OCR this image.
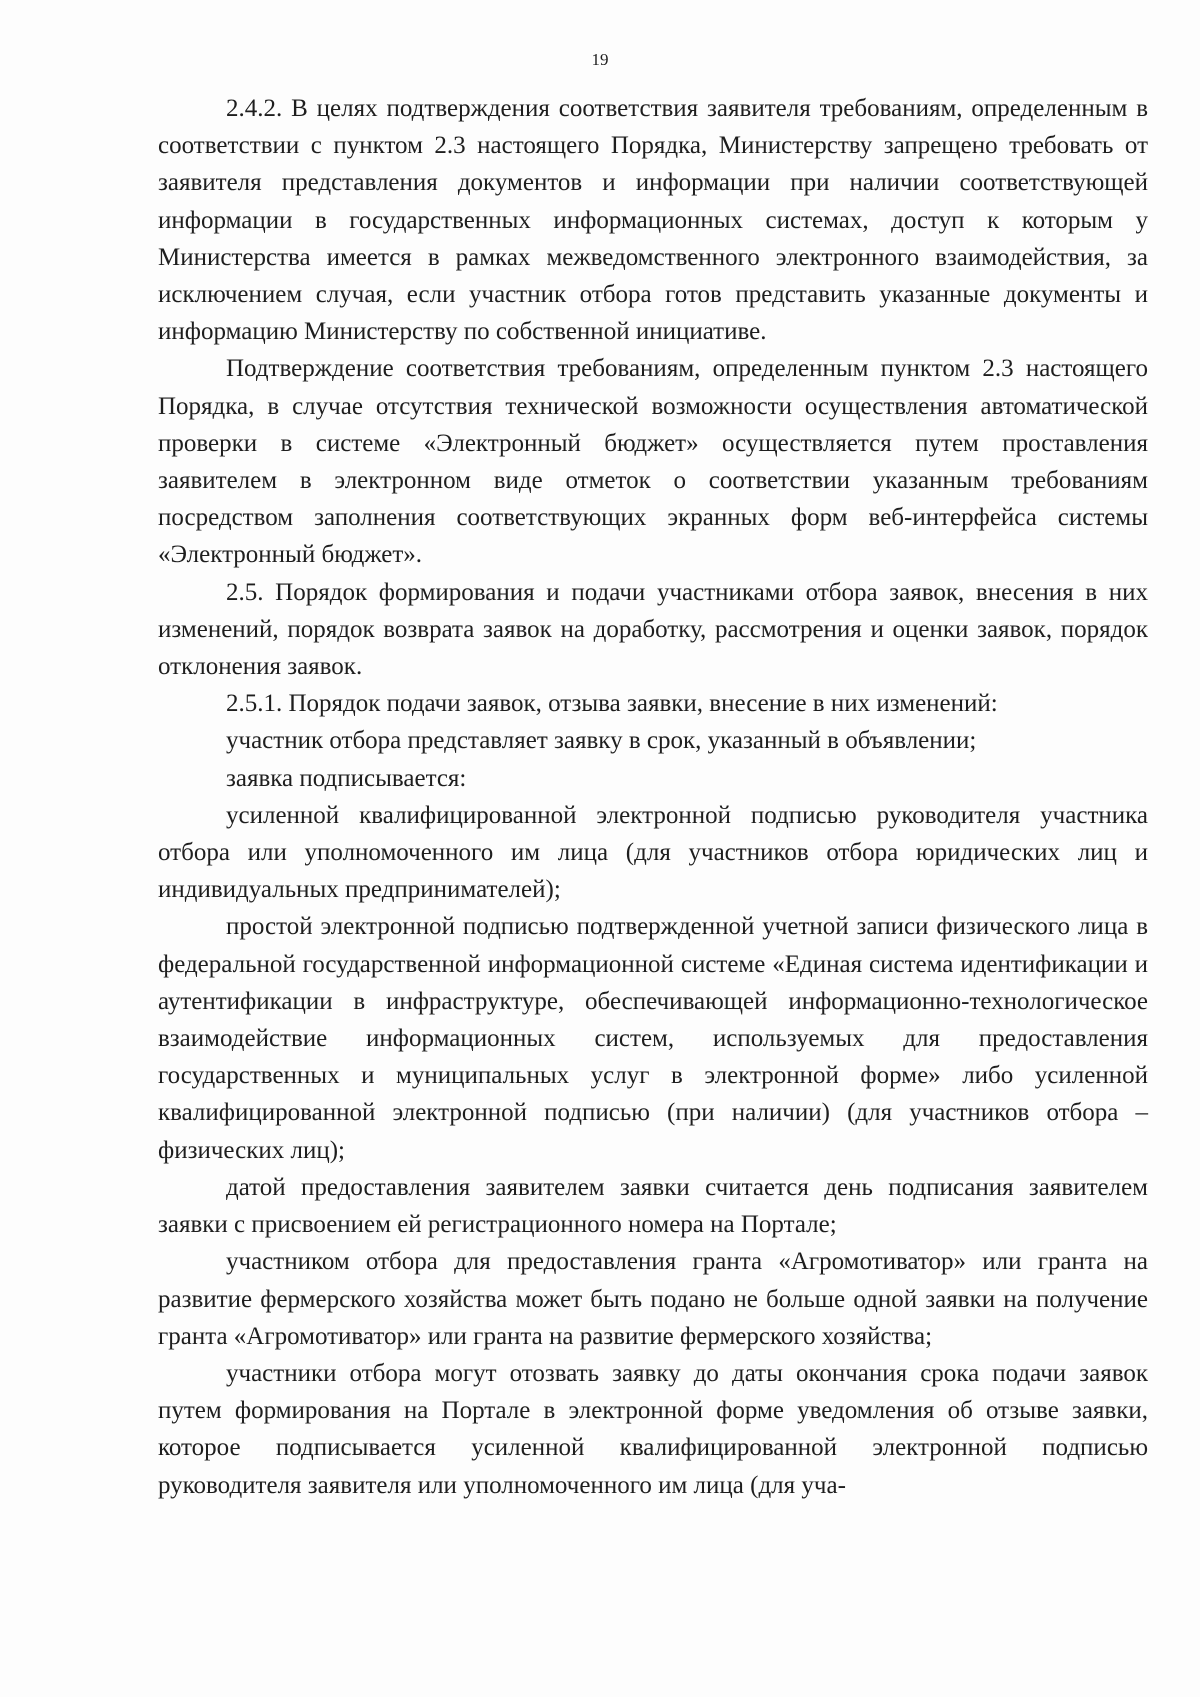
19

2.4.2. В целях подтверждения соответствия заявителя требованиям, определенным в соответствии с пунктом 2.3 настоящего Порядка, Министерству запрещено требовать от заявителя представления документов и информации при наличии соответствующей информации в государственных информационных системах, доступ к которым у Министерства имеется в рамках межведомственного электронного взаимодействия, за исключением случая, если участник отбора готов представить указанные документы и информацию Министерству по собственной инициативе.

Подтверждение соответствия требованиям, определенным пунктом 2.3 настоящего Порядка, в случае отсутствия технической возможности осуществления автоматической проверки в системе «Электронный бюджет» осуществляется путем проставления заявителем в электронном виде отметок о соответствии указанным требованиям посредством заполнения соответствующих экранных форм веб-интерфейса системы «Электронный бюджет».

2.5. Порядок формирования и подачи участниками отбора заявок, внесения в них изменений, порядок возврата заявок на доработку, рассмотрения и оценки заявок, порядок отклонения заявок.

2.5.1. Порядок подачи заявок, отзыва заявки, внесение в них изменений:

участник отбора представляет заявку в срок, указанный в объявлении;

заявка подписывается:

усиленной квалифицированной электронной подписью руководителя участника отбора или уполномоченного им лица (для участников отбора юридических лиц и индивидуальных предпринимателей);

простой электронной подписью подтвержденной учетной записи физического лица в федеральной государственной информационной системе «Единая система идентификации и аутентификации в инфраструктуре, обеспечивающей информационно-технологическое взаимодействие информационных систем, используемых для предоставления государственных и муниципальных услуг в электронной форме» либо усиленной квалифицированной электронной подписью (при наличии) (для участников отбора – физических лиц);

датой предоставления заявителем заявки считается день подписания заявителем заявки с присвоением ей регистрационного номера на Портале;

участником отбора для предоставления гранта «Агромотиватор» или гранта на развитие фермерского хозяйства может быть подано не больше одной заявки на получение гранта «Агромотиватор» или гранта на развитие фермерского хозяйства;

участники отбора могут отозвать заявку до даты окончания срока подачи заявок путем формирования на Портале в электронной форме уведомления об отзыве заявки, которое подписывается усиленной квалифицированной электронной подписью руководителя заявителя или уполномоченного им лица (для уча-
